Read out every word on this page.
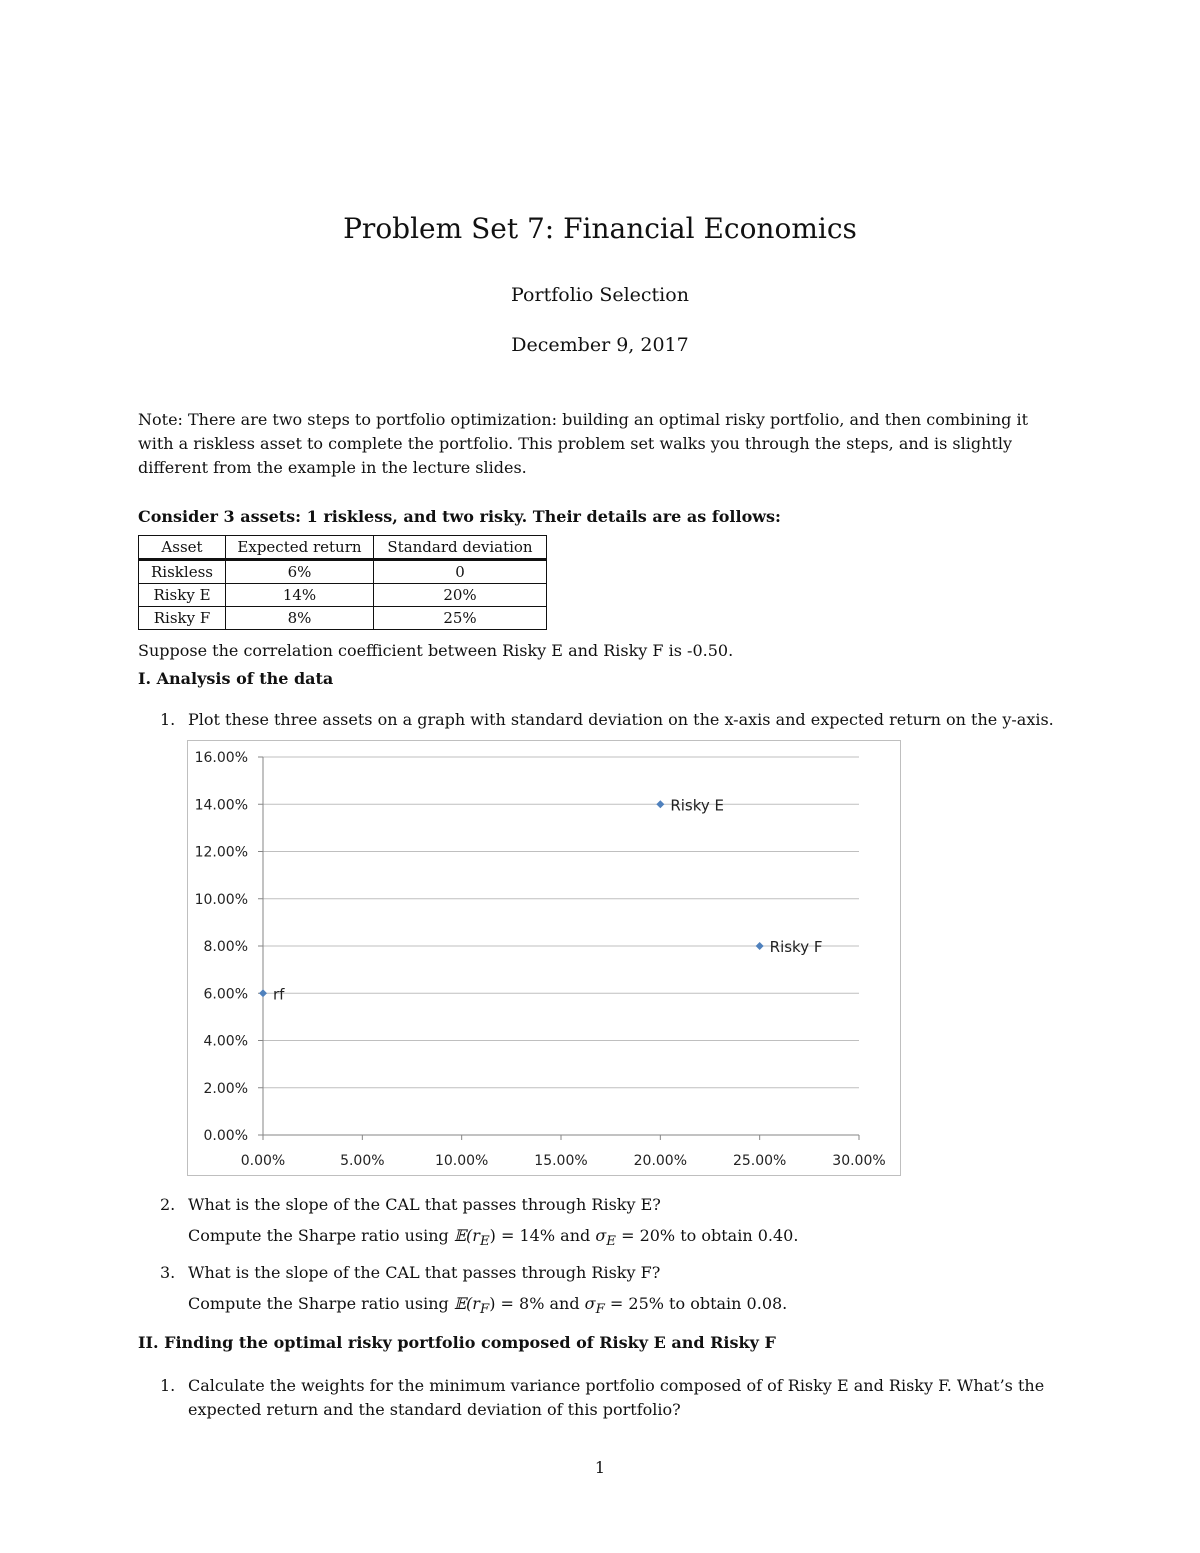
Problem Set 7: Financial Economics
Portfolio Selection
December 9, 2017
Note: There are two steps to portfolio optimization: building an optimal risky portfolio, and then combining it with a riskless asset to complete the portfolio. This problem set walks you through the steps, and is slightly different from the example in the lecture slides.
Consider 3 assets: 1 riskless, and two risky. Their details are as follows:
Asset	Expected return	Standard deviation
Riskless	6%	0
Risky E	14%	20%
Risky F	8%	25%
Suppose the correlation coefficient between Risky E and Risky F is -0.50.
I. Analysis of the data
1. Plot these three assets on a graph with standard deviation on the x-axis and expected return on the y-axis.
0.00%
2.00%
4.00%
6.00%
8.00%
10.00%
12.00%
14.00%
16.00%
0.00%	5.00%	10.00%	15.00%	20.00%	25.00%	30.00%
rf
Risky E
Risky F
2. What is the slope of the CAL that passes through Risky E?
Compute the Sharpe ratio using $𝔼(r_E) = 14\%$ and $\sigma_E = 20\%$ to obtain 0.40.
3. What is the slope of the CAL that passes through Risky F?
Compute the Sharpe ratio using $𝔼(r_F) = 8\%$ and $\sigma_F = 25\%$ to obtain 0.08.
II. Finding the optimal risky portfolio composed of Risky E and Risky F
1. Calculate the weights for the minimum variance portfolio composed of of Risky E and Risky F. What’s the expected return and the standard deviation of this portfolio?
1
